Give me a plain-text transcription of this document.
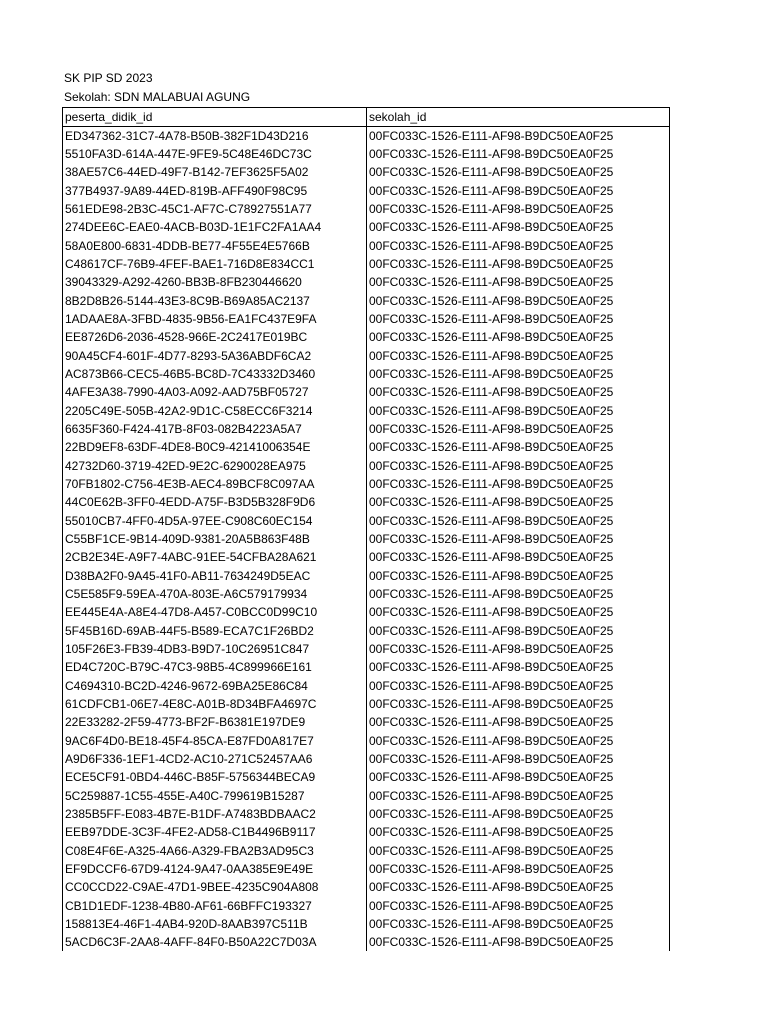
SK PIP SD 2023
Sekolah: SDN MALABUAI AGUNG
peserta_didik_id	sekolah_id
ED347362-31C7-4A78-B50B-382F1D43D216	00FC033C-1526-E111-AF98-B9DC50EA0F25
5510FA3D-614A-447E-9FE9-5C48E46DC73C	00FC033C-1526-E111-AF98-B9DC50EA0F25
38AE57C6-44ED-49F7-B142-7EF3625F5A02	00FC033C-1526-E111-AF98-B9DC50EA0F25
377B4937-9A89-44ED-819B-AFF490F98C95	00FC033C-1526-E111-AF98-B9DC50EA0F25
561EDE98-2B3C-45C1-AF7C-C78927551A77	00FC033C-1526-E111-AF98-B9DC50EA0F25
274DEE6C-EAE0-4ACB-B03D-1E1FC2FA1AA4	00FC033C-1526-E111-AF98-B9DC50EA0F25
58A0E800-6831-4DDB-BE77-4F55E4E5766B	00FC033C-1526-E111-AF98-B9DC50EA0F25
C48617CF-76B9-4FEF-BAE1-716D8E834CC1	00FC033C-1526-E111-AF98-B9DC50EA0F25
39043329-A292-4260-BB3B-8FB230446620	00FC033C-1526-E111-AF98-B9DC50EA0F25
8B2D8B26-5144-43E3-8C9B-B69A85AC2137	00FC033C-1526-E111-AF98-B9DC50EA0F25
1ADAAE8A-3FBD-4835-9B56-EA1FC437E9FA	00FC033C-1526-E111-AF98-B9DC50EA0F25
EE8726D6-2036-4528-966E-2C2417E019BC	00FC033C-1526-E111-AF98-B9DC50EA0F25
90A45CF4-601F-4D77-8293-5A36ABDF6CA2	00FC033C-1526-E111-AF98-B9DC50EA0F25
AC873B66-CEC5-46B5-BC8D-7C43332D3460	00FC033C-1526-E111-AF98-B9DC50EA0F25
4AFE3A38-7990-4A03-A092-AAD75BF05727	00FC033C-1526-E111-AF98-B9DC50EA0F25
2205C49E-505B-42A2-9D1C-C58ECC6F3214	00FC033C-1526-E111-AF98-B9DC50EA0F25
6635F360-F424-417B-8F03-082B4223A5A7	00FC033C-1526-E111-AF98-B9DC50EA0F25
22BD9EF8-63DF-4DE8-B0C9-42141006354E	00FC033C-1526-E111-AF98-B9DC50EA0F25
42732D60-3719-42ED-9E2C-6290028EA975	00FC033C-1526-E111-AF98-B9DC50EA0F25
70FB1802-C756-4E3B-AEC4-89BCF8C097AA	00FC033C-1526-E111-AF98-B9DC50EA0F25
44C0E62B-3FF0-4EDD-A75F-B3D5B328F9D6	00FC033C-1526-E111-AF98-B9DC50EA0F25
55010CB7-4FF0-4D5A-97EE-C908C60EC154	00FC033C-1526-E111-AF98-B9DC50EA0F25
C55BF1CE-9B14-409D-9381-20A5B863F48B	00FC033C-1526-E111-AF98-B9DC50EA0F25
2CB2E34E-A9F7-4ABC-91EE-54CFBA28A621	00FC033C-1526-E111-AF98-B9DC50EA0F25
D38BA2F0-9A45-41F0-AB11-7634249D5EAC	00FC033C-1526-E111-AF98-B9DC50EA0F25
C5E585F9-59EA-470A-803E-A6C579179934	00FC033C-1526-E111-AF98-B9DC50EA0F25
EE445E4A-A8E4-47D8-A457-C0BCC0D99C10	00FC033C-1526-E111-AF98-B9DC50EA0F25
5F45B16D-69AB-44F5-B589-ECA7C1F26BD2	00FC033C-1526-E111-AF98-B9DC50EA0F25
105F26E3-FB39-4DB3-B9D7-10C26951C847	00FC033C-1526-E111-AF98-B9DC50EA0F25
ED4C720C-B79C-47C3-98B5-4C899966E161	00FC033C-1526-E111-AF98-B9DC50EA0F25
C4694310-BC2D-4246-9672-69BA25E86C84	00FC033C-1526-E111-AF98-B9DC50EA0F25
61CDFCB1-06E7-4E8C-A01B-8D34BFA4697C	00FC033C-1526-E111-AF98-B9DC50EA0F25
22E33282-2F59-4773-BF2F-B6381E197DE9	00FC033C-1526-E111-AF98-B9DC50EA0F25
9AC6F4D0-BE18-45F4-85CA-E87FD0A817E7	00FC033C-1526-E111-AF98-B9DC50EA0F25
A9D6F336-1EF1-4CD2-AC10-271C52457AA6	00FC033C-1526-E111-AF98-B9DC50EA0F25
ECE5CF91-0BD4-446C-B85F-5756344BECA9	00FC033C-1526-E111-AF98-B9DC50EA0F25
5C259887-1C55-455E-A40C-799619B15287	00FC033C-1526-E111-AF98-B9DC50EA0F25
2385B5FF-E083-4B7E-B1DF-A7483BDBAAC2	00FC033C-1526-E111-AF98-B9DC50EA0F25
EEB97DDE-3C3F-4FE2-AD58-C1B4496B9117	00FC033C-1526-E111-AF98-B9DC50EA0F25
C08E4F6E-A325-4A66-A329-FBA2B3AD95C3	00FC033C-1526-E111-AF98-B9DC50EA0F25
EF9DCCF6-67D9-4124-9A47-0AA385E9E49E	00FC033C-1526-E111-AF98-B9DC50EA0F25
CC0CCD22-C9AE-47D1-9BEE-4235C904A808	00FC033C-1526-E111-AF98-B9DC50EA0F25
CB1D1EDF-1238-4B80-AF61-66BFFC193327	00FC033C-1526-E111-AF98-B9DC50EA0F25
158813E4-46F1-4AB4-920D-8AAB397C511B	00FC033C-1526-E111-AF98-B9DC50EA0F25
5ACD6C3F-2AA8-4AFF-84F0-B50A22C7D03A	00FC033C-1526-E111-AF98-B9DC50EA0F25
